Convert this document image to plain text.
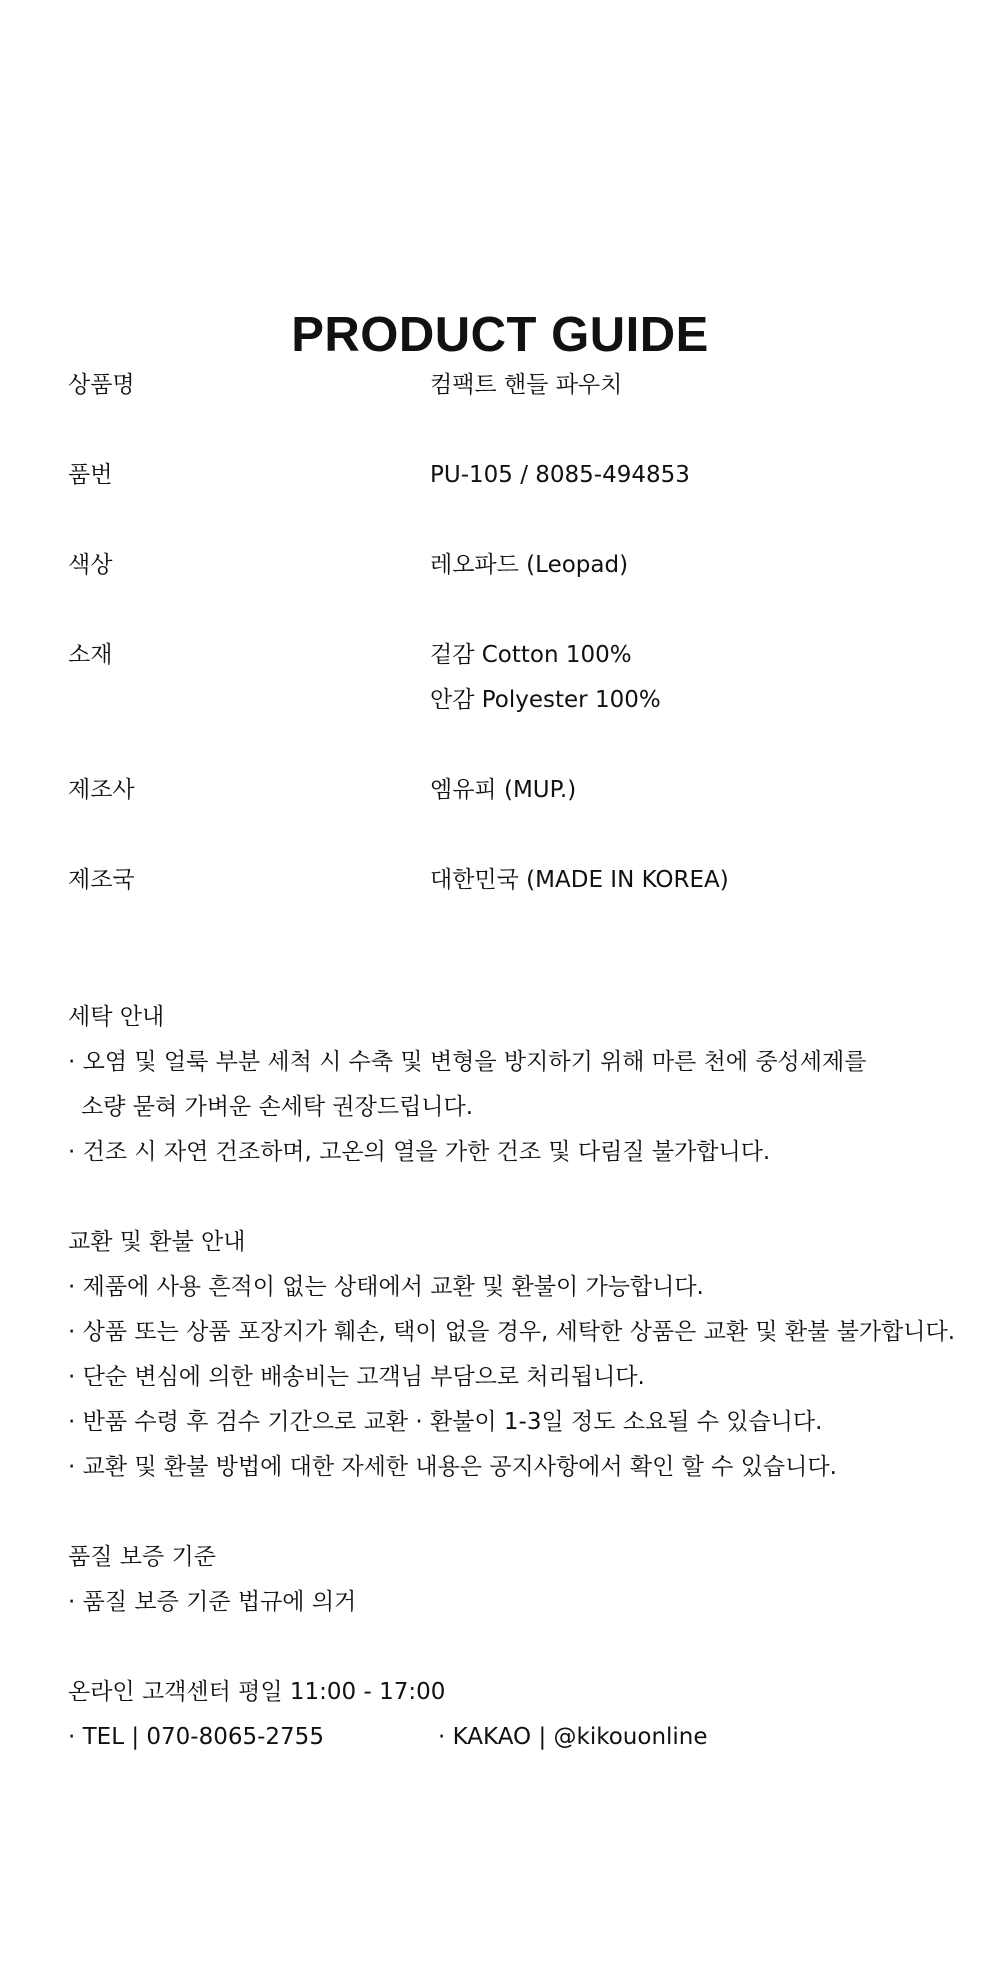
PRODUCT GUIDE
상품명	컴팩트 핸들 파우치
품번	PU-105 / 8085-494853
색상	레오파드 (Leopad)
소재	겉감 Cotton 100%
안감 Polyester 100%
제조사	엠유피 (MUP.)
제조국	대한민국 (MADE IN KOREA)
세탁 안내
· 오염 및 얼룩 부분 세척 시 수축 및 변형을 방지하기 위해 마른 천에 중성세제를
소량 묻혀 가벼운 손세탁 권장드립니다.
· 건조 시 자연 건조하며, 고온의 열을 가한 건조 및 다림질 불가합니다.
교환 및 환불 안내
· 제품에 사용 흔적이 없는 상태에서 교환 및 환불이 가능합니다.
· 상품 또는 상품 포장지가 훼손, 택이 없을 경우, 세탁한 상품은 교환 및 환불 불가합니다.
· 단순 변심에 의한 배송비는 고객님 부담으로 처리됩니다.
· 반품 수령 후 검수 기간으로 교환 · 환불이 1-3일 정도 소요될 수 있습니다.
· 교환 및 환불 방법에 대한 자세한 내용은 공지사항에서 확인 할 수 있습니다.
품질 보증 기준
· 품질 보증 기준 법규에 의거
온라인 고객센터 평일 11:00 - 17:00
· TEL | 070-8065-2755	· KAKAO | @kikouonline
